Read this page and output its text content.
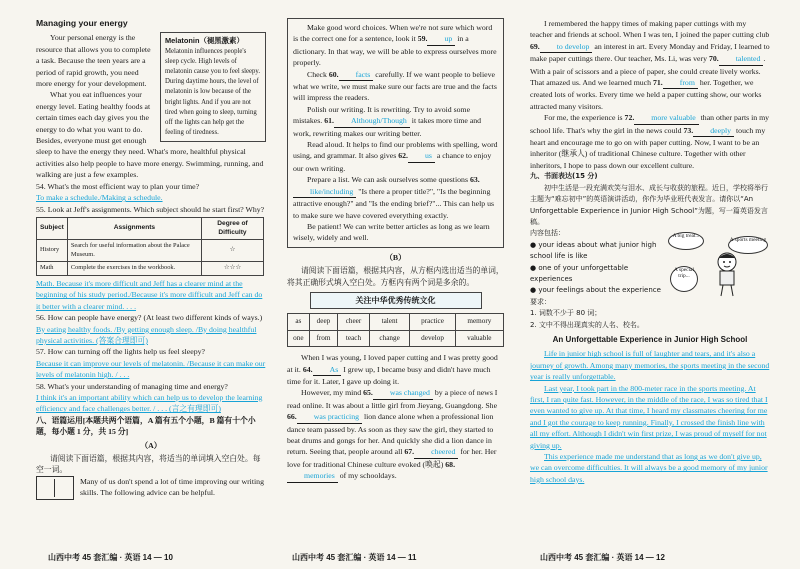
Managing your energy

Melatonin（褪黑激素）
Melatonin influences people's sleep cycle. High levels of melatonin cause you to feel sleepy. During daytime hours, the level of melatonin is low because of the bright lights. And if you are not tired when going to sleep, turning off the lights can help get the feeling of tiredness.

Your personal energy is the resource that allows you to complete a task. Because the teen years are a period of rapid growth, you need more energy for your development.

What you eat influences your energy level. Eating healthy foods at certain times each day gives you the energy to do what you want to do. Besides, everyone must get enough sleep to have the energy they need. What's more, healthful physical activities also help people to have more energy. Swimming, running, and walking are just a few examples.

54. What's the most efficient way to plan your time?

To make a schedule./Making a schedule.

55. Look at Jeff's assignments. Which subject should he start first? Why?

Subject	Assignments	Degree of Difficulty
History	Search for useful information about the Palace Museum.	☆
Math	Complete the exercises in the workbook.	☆☆☆

Math. Because it's more difficult and Jeff has a clearer mind at the beginning of his study period./Because it's more difficult and Jeff can do it better with a clearer mind. . . .

56. How can people have energy? (At least two different kinds of ways.)

By eating healthy foods. /By getting enough sleep. /By doing healthful physical activities. (答案合理即可)

57. How can turning off the lights help us feel sleepy?

Because it can improve our levels of melatonin. /Because it can make our levels of melatonin high. / . . .

58. What's your understanding of managing time and energy?

I think it's an important ability which can help us to develop the learning efficiency and face challenges better. / . . . (言之有理即可)

八、语篇运用[本题共两个语篇，A 篇有五个小题，B 篇有十个小题，每小题 1 分，共 15 分]

（A）

请阅读下面语篇，根据其内容，将适当的单词填入空白处。每空一词。

Many of us don't spend a lot of time improving our writing skills. The following advice can be helpful.

Make good word choices. When we're not sure which word is the correct one for a sentence, look it 59. up in a dictionary. In that way, we will be able to express ourselves more properly.

Check 60. facts carefully. If we want people to believe what we write, we must make sure our facts are true and the facts will impress the readers.

Polish our writing. It is rewriting. Try to avoid some mistakes. 61. Although/Though it takes more time and work, rewriting makes our writing better.

Read aloud. It helps to find our problems with spelling, word using, and grammar. It also gives 62. us a chance to enjoy our own writing.

Prepare a list. We can ask ourselves some questions 63.like/including "Is there a proper title?", "Is the beginning attractive enough?" and "Is the ending brief?"... This can help us to make sure we have covered everything exactly.

Be patient! We can write better articles as long as we learn wisely, widely and well.

（B）

请阅读下面语篇，根据其内容，从方框内选出适当的单词，将其正确形式填入空白处。方框内有两个词是多余的。

关注中华优秀传统文化
as	deep	cheer	talent	practice	memory
one	from	teach	change	develop	valuable

When I was young, I loved paper cutting and I was pretty good at it. 64. As I grew up, I became busy and didn't have much time for it. Later, I gave up doing it.

However, my mind 65. was changed by a piece of news I read online. It was about a little girl from Jieyang, Guangdong. She 66. was practicing lion dance alone when a professional lion dance team passed by. As soon as they saw the girl, they started to beat drums and gongs for her. And quickly she did a lion dance in return. Seeing that, people around all 67. cheered for her. Her love for traditional Chinese culture evoked (唤起) 68.memories of my schooldays.

I remembered the happy times of making paper cuttings with my teacher and friends at school. When I was ten, I joined the paper cutting club 69. to develop an interest in art. Every Monday and Friday, I learned to make paper cuttings there. Our teacher, Ms. Li, was very 70. talented . With a pair of scissors and a piece of paper, she could create lively works. That amazed us. And we learned much 71. from her. Together, we created lots of works. Every time we held a paper cutting show, our works attracted many visitors.

For me, the experience is 72. more valuable than other parts in my school life. That's why the girl in the news could 73. deeply touch my heart and encourage me to go on with paper cutting. Now, I want to be an inheritor (继承人) of traditional Chinese culture. Together with other inheritors, I hope to pass down our excellent culture.

九、书面表达(15 分)

初中生活是一段充满欢笑与泪水、成长与收获的旅程。近日，学校将举行主题为“难忘初中”的英语演讲活动，你作为毕业班代表发言。请你以“An Unforgettable Experience in Junior High School”为题，写一篇英语发言稿。

A big treat...
A sports meeting
A special trip...

内容包括：

● your ideas about what junior high school life is like

● one of your unforgettable experiences

● your feelings about the experience

要求：

1. 词数不少于 80 词；

2. 文中不得出现真实的人名、校名。

An Unforgettable Experience in Junior High School

Life in junior high school is full of laughter and tears, and it's also a journey of growth. Among many memories, the sports meeting in the second year is really unforgettable.

Last year, I took part in the 800-meter race in the sports meeting. At first, I ran quite fast. However, in the middle of the race, I was so tired that I even wanted to give up. At that time, I heard my classmates cheering for me and I got the courage to keep running. Finally, I crossed the finish line with all my effort. Although I didn't win first prize, I was proud of myself for not giving up.

This experience made me understand that as long as we don't give up, we can overcome difficulties. It will always be a good memory of my junior high school days.

山西中考 45 套汇编 · 英语 14 — 10	山西中考 45 套汇编 · 英语 14 — 11	山西中考 45 套汇编 · 英语 14 — 12
